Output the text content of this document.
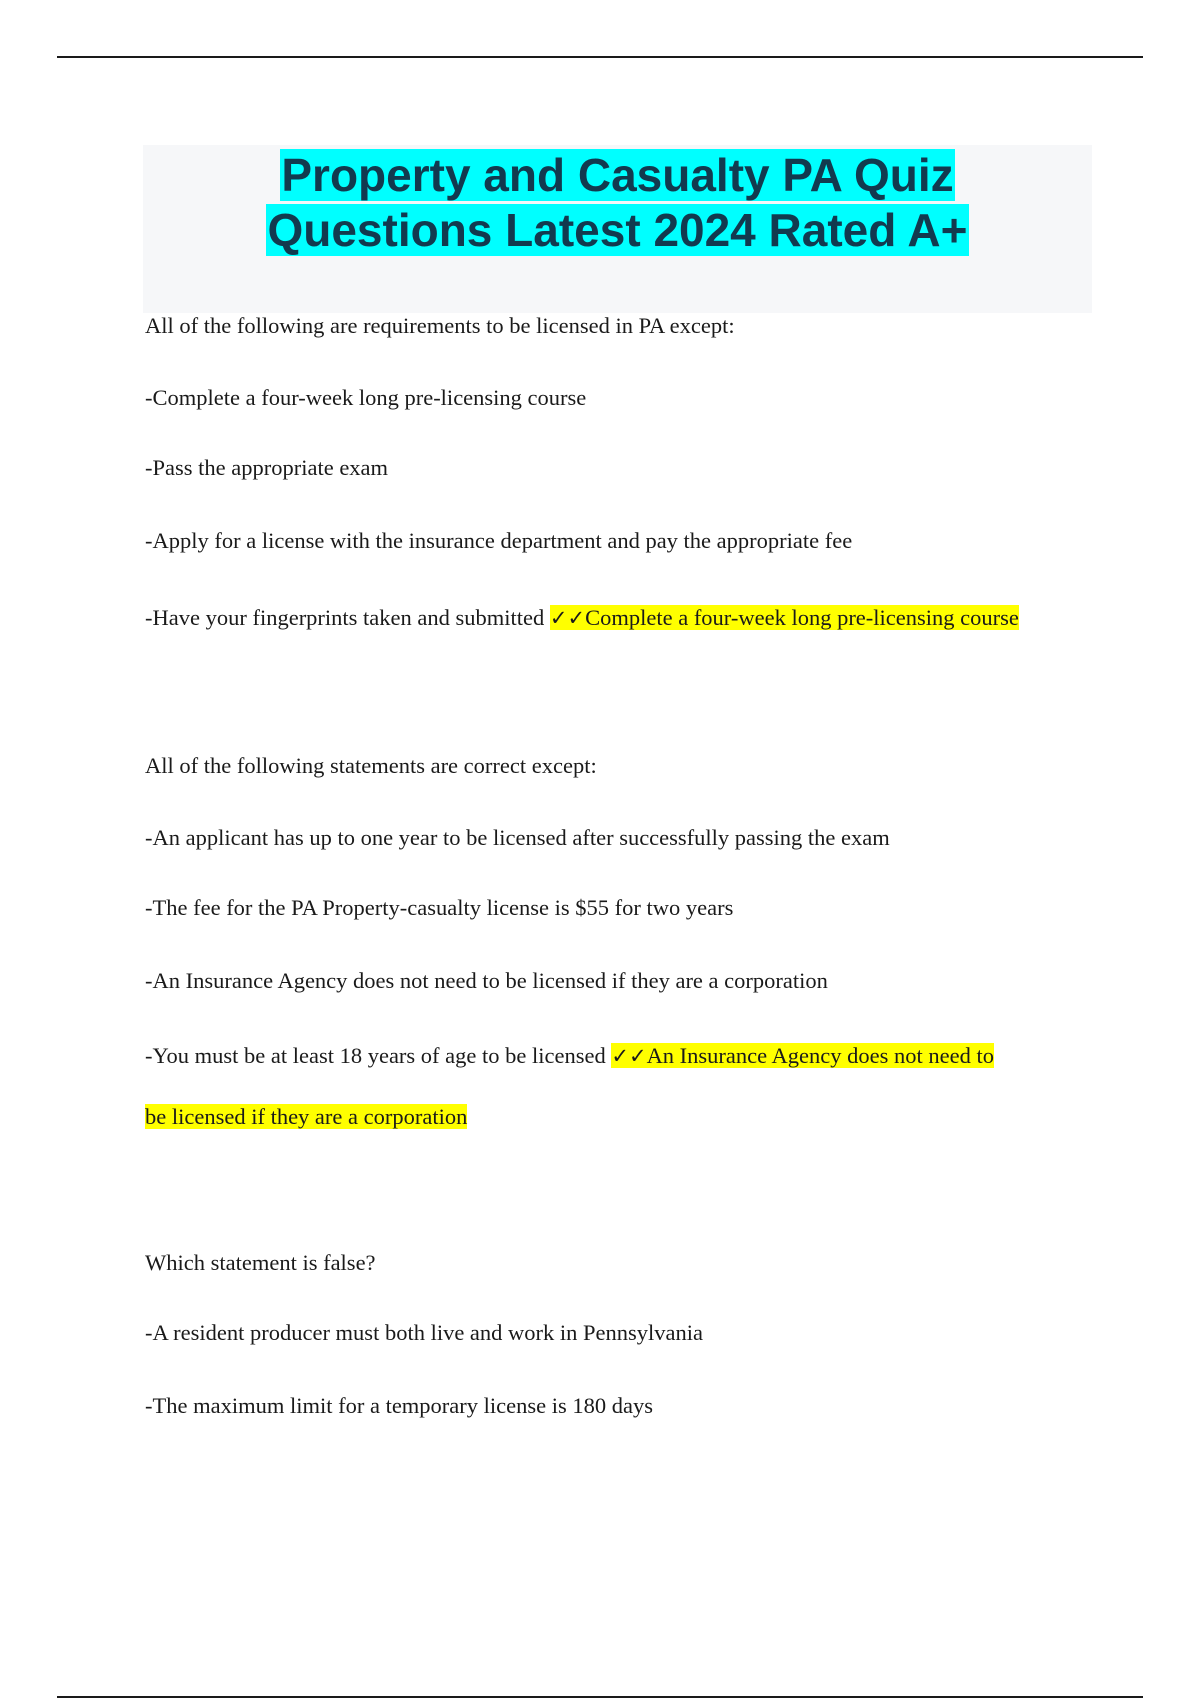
Property and Casualty PA Quiz
Questions Latest 2024 Rated A+

All of the following are requirements to be licensed in PA except:

-Complete a four-week long pre-licensing course

-Pass the appropriate exam

-Apply for a license with the insurance department and pay the appropriate fee

-Have your fingerprints taken and submitted ✓✓Complete a four-week long pre-licensing course

All of the following statements are correct except:

-An applicant has up to one year to be licensed after successfully passing the exam

-The fee for the PA Property-casualty license is $55 for two years

-An Insurance Agency does not need to be licensed if they are a corporation

-You must be at least 18 years of age to be licensed ✓✓An Insurance Agency does not need to

be licensed if they are a corporation

Which statement is false?

-A resident producer must both live and work in Pennsylvania

-The maximum limit for a temporary license is 180 days
